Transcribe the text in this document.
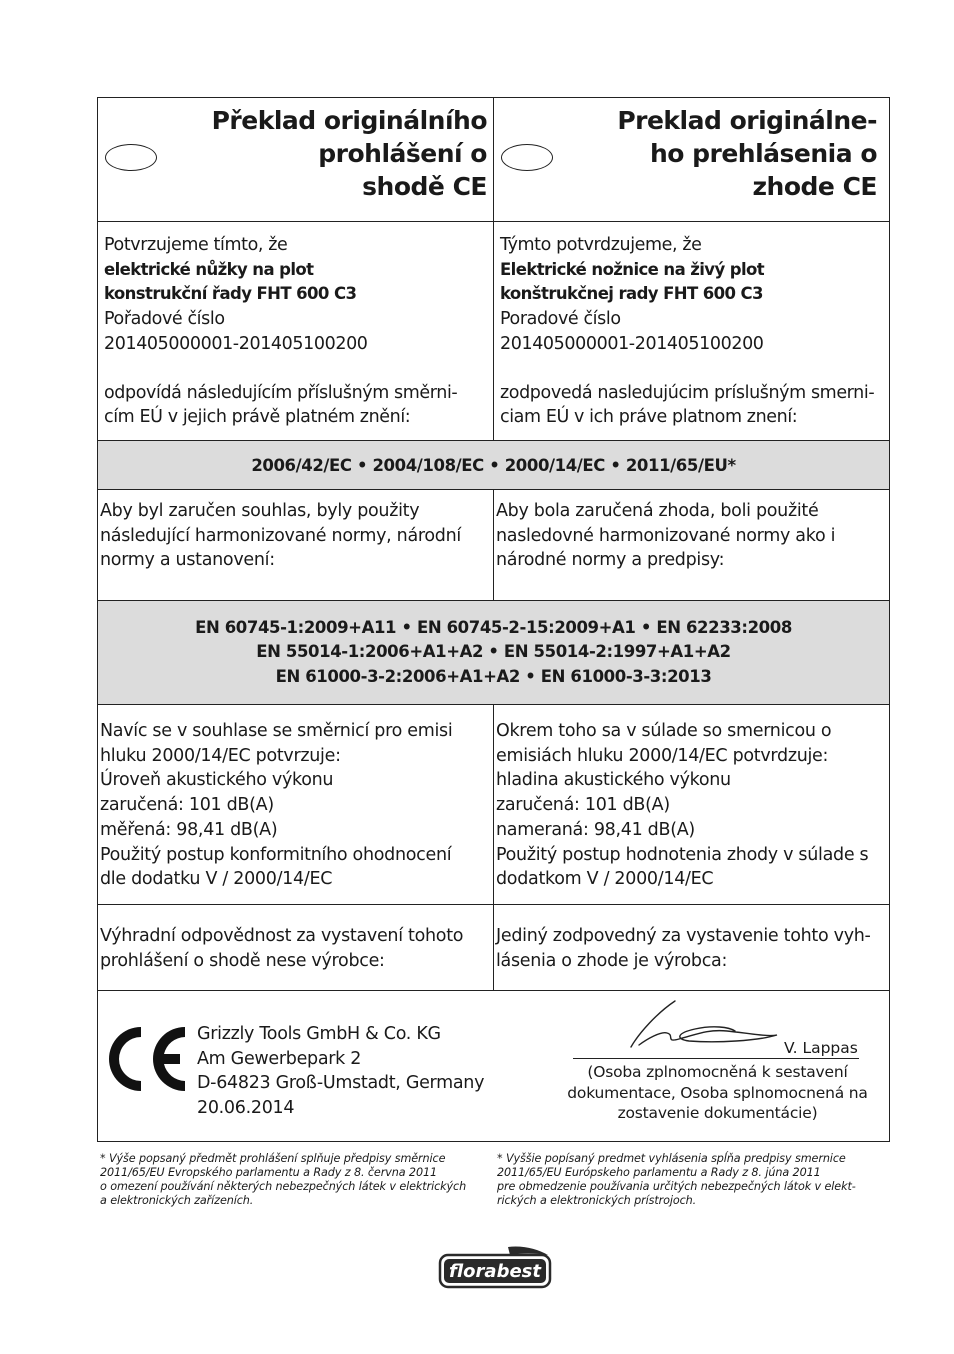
Překlad originálního
prohlášení o
shodě CE
Preklad originálne-
ho prehlásenia o
zhode CE
Potvrzujeme tímto, že
elektrické nůžky na plot
konstrukční řady FHT 600 C3
Pořadové číslo
201405000001-201405100200
odpovídá následujícím příslušným směrni-
cím EÚ v jejich právě platném znění:
Týmto potvrdzujeme, že
Elektrické nožnice na živý plot
konštrukčnej rady FHT 600 C3
Poradové číslo
201405000001-201405100200
zodpovedá nasledujúcim príslušným smerni-
ciam EÚ v ich práve platnom znení:
2006/42/EC • 2004/108/EC • 2000/14/EC • 2011/65/EU*
Aby byl zaručen souhlas, byly použity
následující harmonizované normy, národní
normy a ustanovení:
Aby bola zaručená zhoda, boli použité
nasledovné harmonizované normy ako i
národné normy a predpisy:
EN 60745-1:2009+A11 • EN 60745-2-15:2009+A1 • EN 62233:2008
EN 55014-1:2006+A1+A2 • EN 55014-2:1997+A1+A2
EN 61000-3-2:2006+A1+A2 • EN 61000-3-3:2013
Navíc se v souhlase se směrnicí pro emisi
hluku 2000/14/EC potvrzuje:
Úroveň akustického výkonu
zaručená: 101 dB(A)
měřená: 98,41 dB(A)
Použitý postup konformitního ohodnocení
dle dodatku V / 2000/14/EC
Okrem toho sa v súlade so smernicou o
emisiách hluku 2000/14/EC potvrdzuje:
hladina akustického výkonu
zaručená: 101 dB(A)
nameraná: 98,41 dB(A)
Použitý postup hodnotenia zhody v súlade s
dodatkom V / 2000/14/EC
Výhradní odpovědnost za vystavení tohoto
prohlášení o shodě nese výrobce:
Jediný zodpovedný za vystavenie tohto vyh-
lásenia o zhode je výrobca:
Grizzly Tools GmbH & Co. KG
Am Gewerbepark 2
D-64823 Groß-Umstadt, Germany
20.06.2014
V. Lappas
(Osoba zplnomocněná k sestavení
dokumentace, Osoba splnomocnená na
zostavenie dokumentácie)
* Výše popsaný předmět prohlášení splňuje předpisy směrnice
2011/65/EU Evropského parlamentu a Rady z 8. června 2011
o omezení používání některých nebezpečných látek v elektrických
a elektronických zařízeních.
* Vyššie popísaný predmet vyhlásenia spĺňa predpisy smernice
2011/65/EU Európskeho parlamentu a Rady z 8. júna 2011
pre obmedzenie používania určitých nebezpečných látok v elekt-
rických a elektronických prístrojoch.
florabest
